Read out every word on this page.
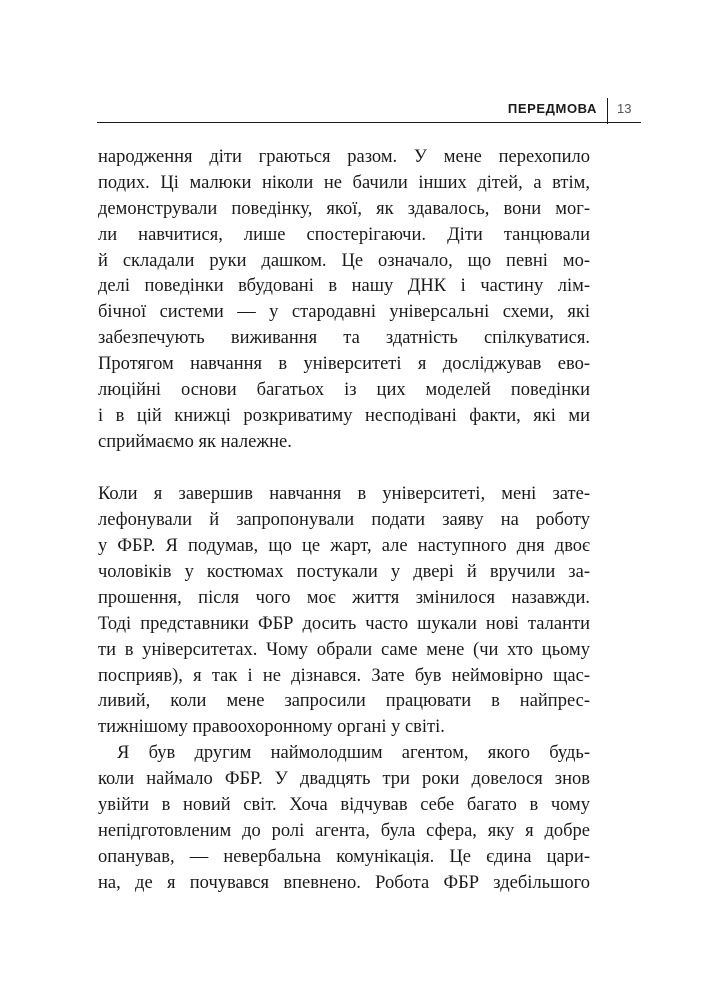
ПЕРЕДМОВА 13
народження діти граються разом. У мене перехопило
подих. Ці малюки ніколи не бачили інших дітей, а втім,
демонстрували поведінку, якої, як здавалось, вони мог-
ли навчитися, лише спостерігаючи. Діти танцювали
й складали руки дашком. Це означало, що певні мо-
делі поведінки вбудовані в нашу ДНК і частину лім-
бічної системи — у стародавні універсальні схеми, які
забезпечують виживання та здатність спілкуватися.
Протягом навчання в університеті я досліджував ево-
люційні основи багатьох із цих моделей поведінки
і в цій книжці розкриватиму несподівані факти, які ми
сприймаємо як належне.
Коли я завершив навчання в університеті, мені зате-
лефонували й запропонували подати заяву на роботу
у ФБР. Я подумав, що це жарт, але наступного дня двоє
чоловіків у костюмах постукали у двері й вручили за-
прошення, після чого моє життя змінилося назавжди.
Тоді представники ФБР досить часто шукали нові таланти
ти в університетах. Чому обрали саме мене (чи хто цьому
посприяв), я так і не дізнався. Зате був неймовірно щас-
ливий, коли мене запросили працювати в найпрес-
тижнішому правоохоронному органі у світі.
Я був другим наймолодшим агентом, якого будь-
коли наймало ФБР. У двадцять три роки довелося знов
увійти в новий світ. Хоча відчував себе багато в чому
непідготовленим до ролі агента, була сфера, яку я добре
опанував, — невербальна комунікація. Це єдина цари-
на, де я почувався впевнено. Робота ФБР здебільшого
